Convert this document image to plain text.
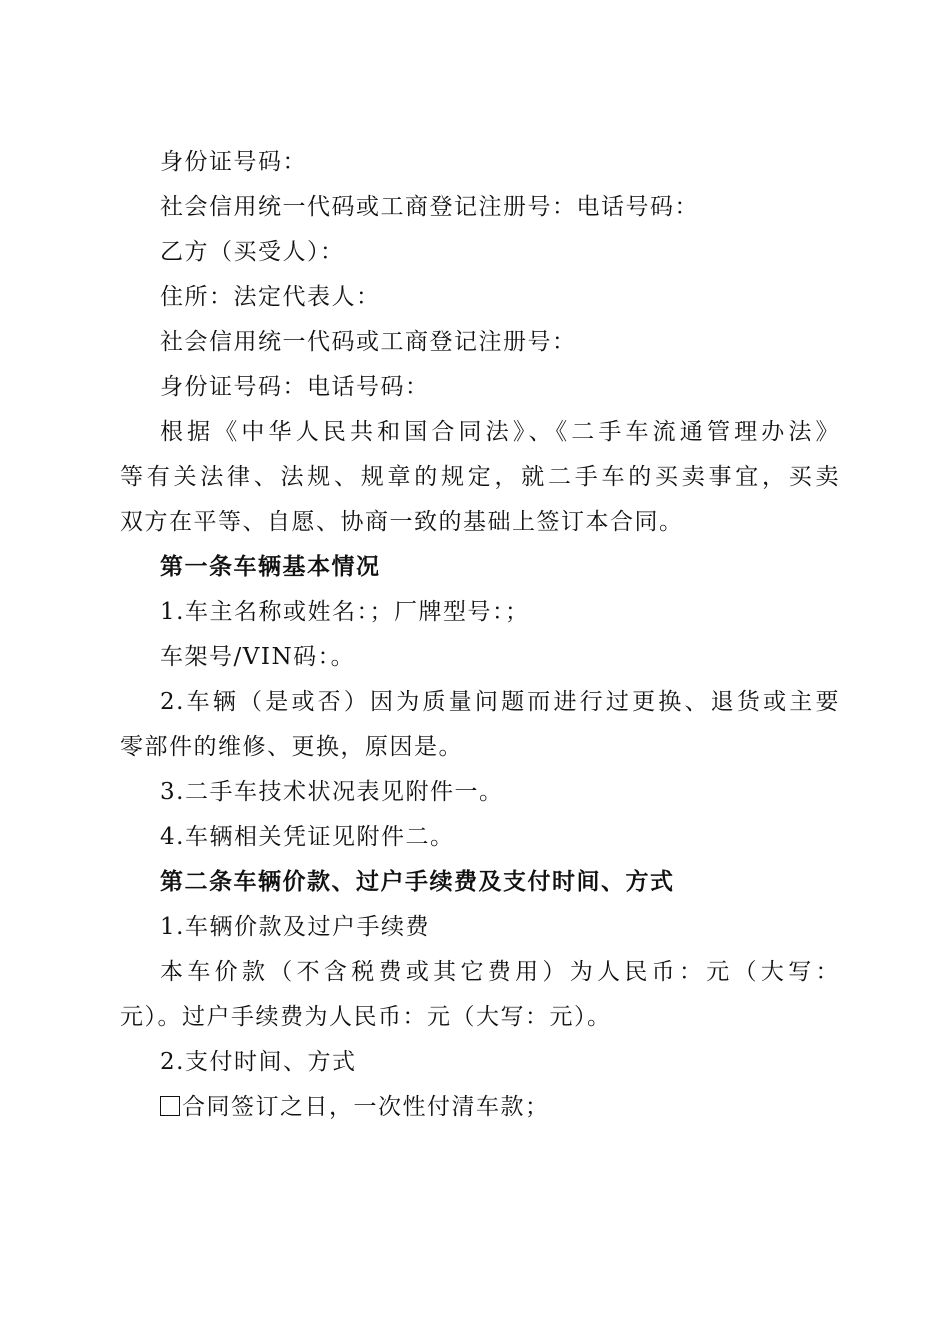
身份证号码：
社会信用统一代码或工商登记注册号：电话号码：
乙方（买受人）：
住所：法定代表人：
社会信用统一代码或工商登记注册号：
身份证号码：电话号码：
根据《中华人民共和国合同法》、《二手车流通管理办法》
等有关法律、法规、规章的规定，就二手车的买卖事宜，买卖
双方在平等、自愿、协商一致的基础上签订本合同。
第一条车辆基本情况
1.车主名称或姓名：；厂牌型号：；
车架号/VIN码：。
2.车辆（是或否）因为质量问题而进行过更换、退货或主要
零部件的维修、更换，原因是。
3.二手车技术状况表见附件一。
4.车辆相关凭证见附件二。
第二条车辆价款、过户手续费及支付时间、方式
1.车辆价款及过户手续费
本车价款（不含税费或其它费用）为人民币：元（大写：
元）。过户手续费为人民币：元（大写：元）。
2.支付时间、方式
合同签订之日，一次性付清车款；
